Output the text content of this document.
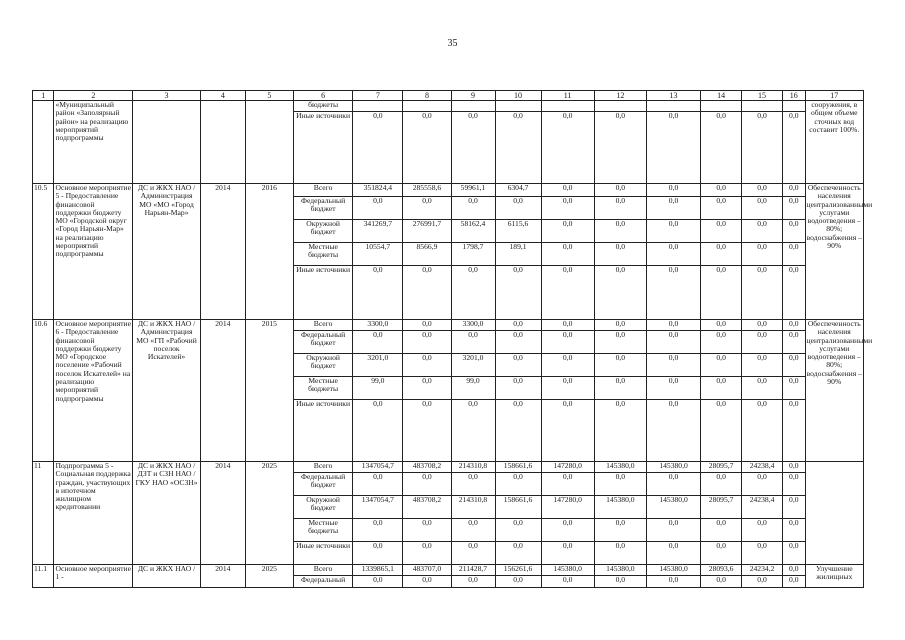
35
1	2	3	4	5	6	7	8	9	10	11	12	13	14	15	16	17
	«Муниципальный район «Заполярный район» на реализацию мероприятий подпрограммы				бюджеты											сооружения, в общем объеме сточных вод составит 100%.
					Иные источники	0,0	0,0	0,0	0,0	0,0	0,0	0,0	0,0	0,0	0,0	
10.5	Основное мероприятие 5 - Предоставление финансовой поддержки бюджету МО «Городской округ «Город Нарьян-Мар» на реализацию мероприятий подпрограммы	ДС и ЖКХ НАО / Администрация МО «МО «Город Нарьян-Мар»	2014	2016	Всего	351824,4	285558,6	59961,1	6304,7	0,0	0,0	0,0	0,0	0,0	0,0	Обеспеченность населения централизованными услугами водоотведения – 80%; водоснабжения – 90%
					Федеральный бюджет	0,0	0,0	0,0	0,0	0,0	0,0	0,0	0,0	0,0	0,0	
					Окружной бюджет	341269,7	276991,7	58162,4	6115,6	0,0	0,0	0,0	0,0	0,0	0,0	
					Местные бюджеты	10554,7	8566,9	1798,7	189,1	0,0	0,0	0,0	0,0	0,0	0,0	
					Иные источники	0,0	0,0	0,0	0,0	0,0	0,0	0,0	0,0	0,0	0,0	
10.6	Основное мероприятие 6 - Предоставление финансовой поддержки бюджету МО «Городское поселение «Рабочий поселок Искателей» на реализацию мероприятий подпрограммы	ДС и ЖКХ НАО / Администрация МО «ГП «Рабочий поселок Искателей»	2014	2015	Всего	3300,0	0,0	3300,0	0,0	0,0	0,0	0,0	0,0	0,0	0,0	Обеспеченность населения централизованными услугами водоотведения – 80%; водоснабжения – 90%
					Федеральный бюджет	0,0	0,0	0,0	0,0	0,0	0,0	0,0	0,0	0,0	0,0	
					Окружной бюджет	3201,0	0,0	3201,0	0,0	0,0	0,0	0,0	0,0	0,0	0,0	
					Местные бюджеты	99,0	0,0	99,0	0,0	0,0	0,0	0,0	0,0	0,0	0,0	
					Иные источники	0,0	0,0	0,0	0,0	0,0	0,0	0,0	0,0	0,0	0,0	
11	Подпрограмма 5 - Социальная поддержка граждан, участвующих в ипотечном жилищном кредитовании	ДС и ЖКХ НАО / ДЗТ и СЗН НАО / ГКУ НАО «ОСЗН»	2014	2025	Всего	1347054,7	483708,2	214310,8	158661,6	147280,0	145380,0	145380,0	28095,7	24238,4	0,0	
					Федеральный бюджет	0,0	0,0	0,0	0,0	0,0	0,0	0,0	0,0	0,0	0,0	
					Окружной бюджет	1347054,7	483708,2	214310,8	158661,6	147280,0	145380,0	145380,0	28095,7	24238,4	0,0	
					Местные бюджеты	0,0	0,0	0,0	0,0	0,0	0,0	0,0	0,0	0,0	0,0	
					Иные источники	0,0	0,0	0,0	0,0	0,0	0,0	0,0	0,0	0,0	0,0	
11.1	Основное мероприятие 1 -	ДС и ЖКХ НАО /	2014	2025	Всего	1339865,1	483707,0	211428,7	156261,6	145380,0	145380,0	145380,0	28093,6	24234,2	0,0	Улучшение жилищных
					Федеральный	0,0	0,0	0,0	0,0	0,0	0,0	0,0	0,0	0,0	0,0	
